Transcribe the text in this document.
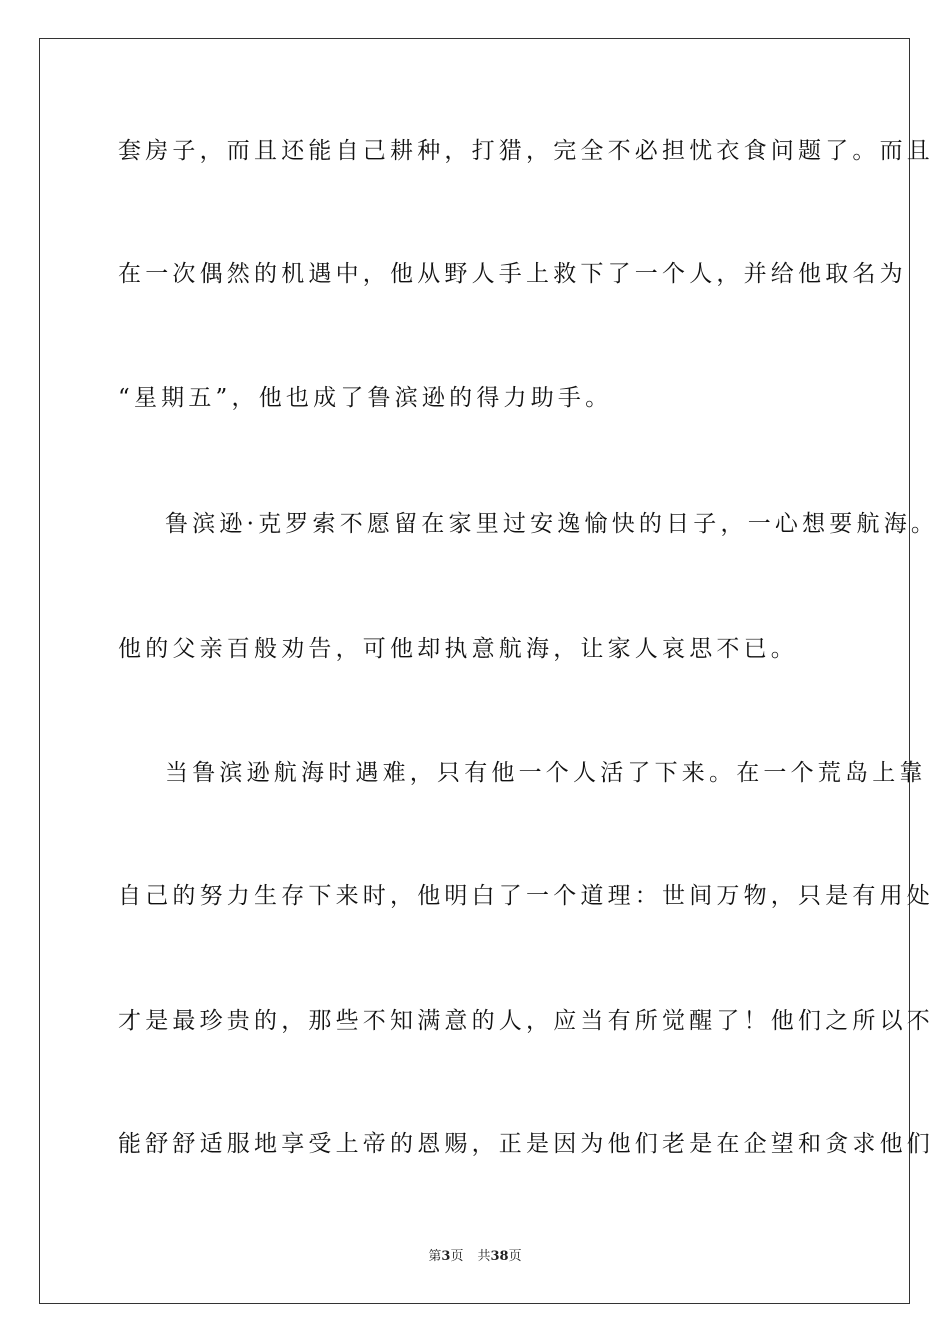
套房子，而且还能自己耕种，打猎，完全不必担忧衣食问题了。而且
在一次偶然的机遇中，他从野人手上救下了一个人，并给他取名为
“星期五”，他也成了鲁滨逊的得力助手。
鲁滨逊·克罗索不愿留在家里过安逸愉快的日子，一心想要航海。
他的父亲百般劝告，可他却执意航海，让家人哀思不已。
当鲁滨逊航海时遇难，只有他一个人活了下来。在一个荒岛上靠
自己的努力生存下来时，他明白了一个道理：世间万物，只是有用处
才是最珍贵的，那些不知满意的人，应当有所觉醒了！他们之所以不
能舒舒适服地享受上帝的恩赐，正是因为他们老是在企望和贪求他们
第3页 共38页
